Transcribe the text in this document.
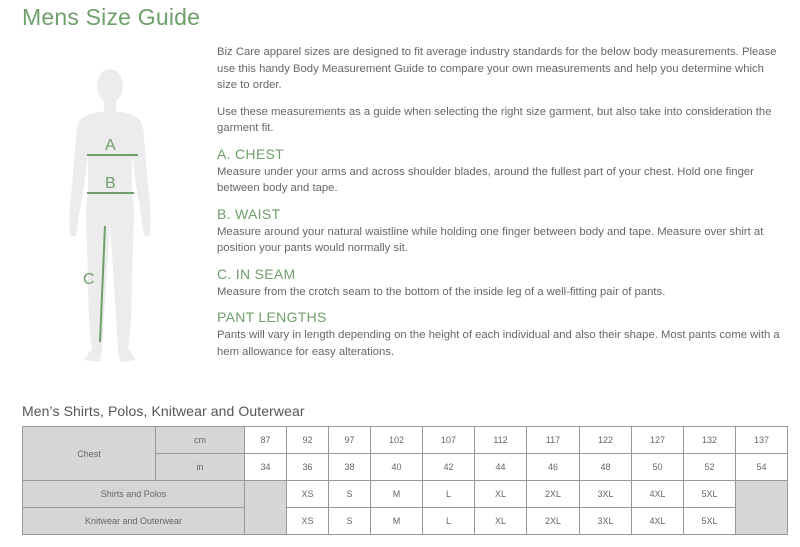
Mens Size Guide
A
B
C

Biz Care apparel sizes are designed to fit average industry standards for the below body measurements. Please use this handy Body Measurement Guide to compare your own measurements and help you determine which size to order.

Use these measurements as a guide when selecting the right size garment, but also take into consideration the garment fit.

A. CHEST

Measure under your arms and across shoulder blades, around the fullest part of your chest. Hold one finger between body and tape.

B. WAIST

Measure around your natural waistline while holding one finger between body and tape. Measure over shirt at position your pants would normally sit.

C. IN SEAM

Measure from the crotch seam to the bottom of the inside leg of a well-fitting pair of pants.

PANT LENGTHS

Pants will vary in length depending on the height of each individual and also their shape. Most pants come with a hem allowance for easy alterations.

Men’s Shirts, Polos, Knitwear and Outerwear
Chest	cm	87	92	97	102	107	112	117	122	127	132	137
	in	34	36	38	40	42	44	46	48	50	52	54
Shirts and Polos			XS	S	M	L	XL	2XL	3XL	4XL	5XL	
Knitwear and Outerwear			XS	S	M	L	XL	2XL	3XL	4XL	5XL	
